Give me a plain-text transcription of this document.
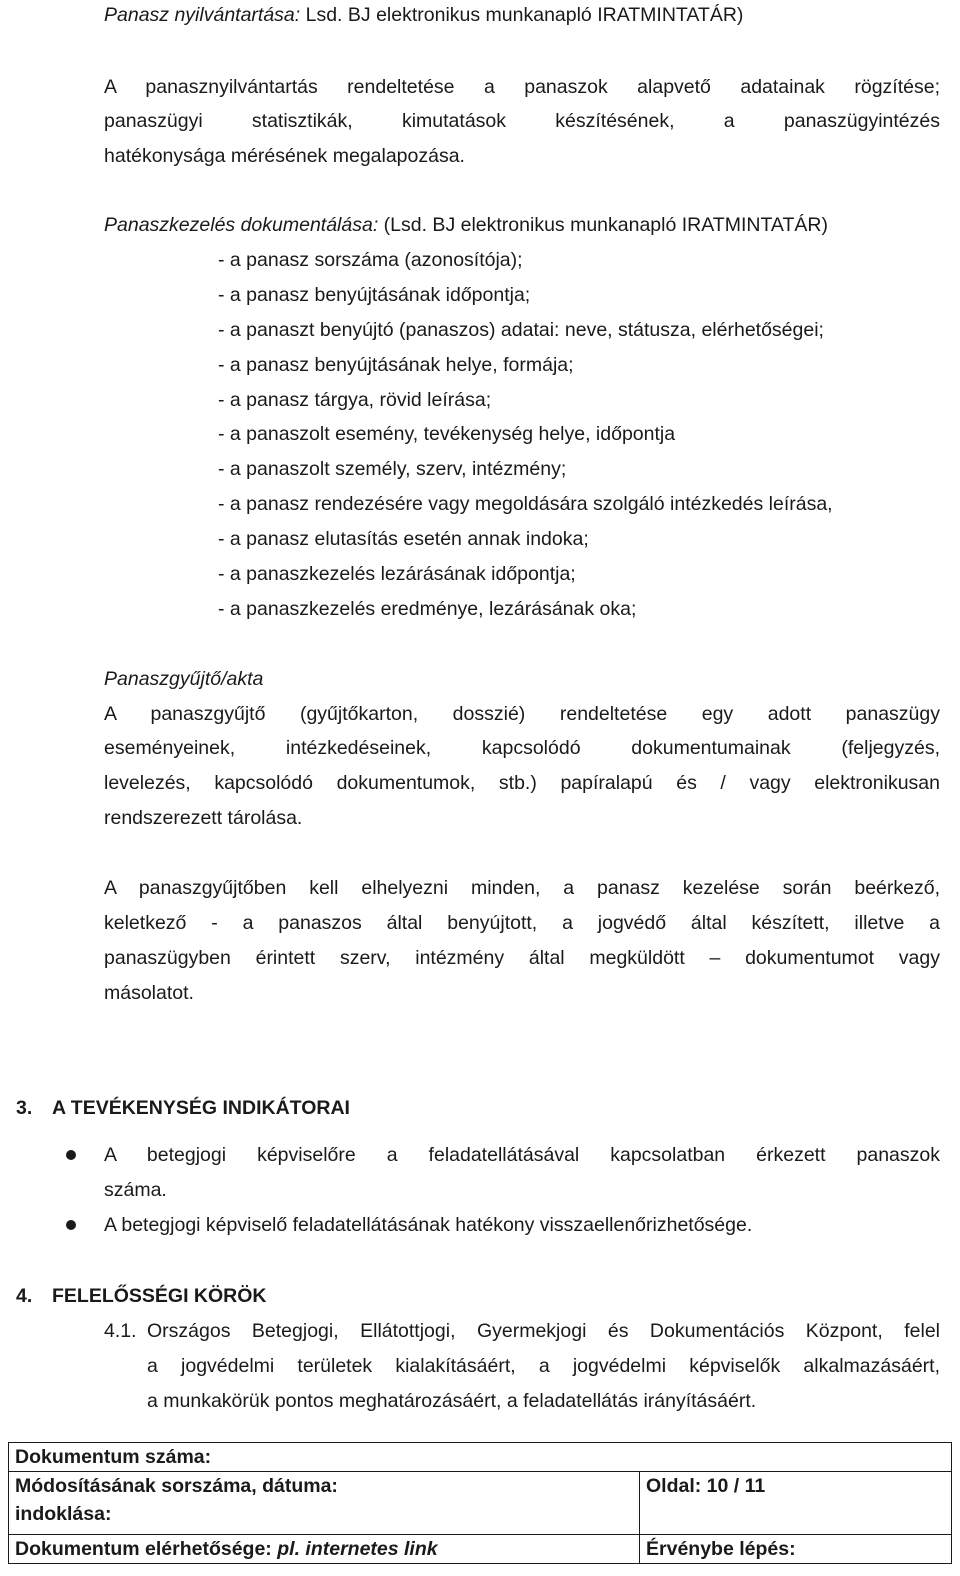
Panasz nyilvántartása: Lsd. BJ elektronikus munkanapló IRATMINTATÁR)
A panasznyilvántartás rendeltetése a panaszok alapvető adatainak rögzítése;
panaszügyi statisztikák, kimutatások készítésének, a panaszügyintézés
hatékonysága mérésének megalapozása.
Panaszkezelés dokumentálása: (Lsd. BJ elektronikus munkanapló IRATMINTATÁR)
- a panasz sorszáma (azonosítója);
- a panasz benyújtásának időpontja;
- a panaszt benyújtó (panaszos) adatai: neve, státusza, elérhetőségei;
- a panasz benyújtásának helye, formája;
- a panasz tárgya, rövid leírása;
- a panaszolt esemény, tevékenység helye, időpontja
- a panaszolt személy, szerv, intézmény;
- a panasz rendezésére vagy megoldására szolgáló intézkedés leírása,
- a panasz elutasítás esetén annak indoka;
- a panaszkezelés lezárásának időpontja;
- a panaszkezelés eredménye, lezárásának oka;
Panaszgyűjtő/akta
A panaszgyűjtő (gyűjtőkarton, dosszié) rendeltetése egy adott panaszügy
eseményeinek, intézkedéseinek, kapcsolódó dokumentumainak (feljegyzés,
levelezés, kapcsolódó dokumentumok, stb.) papíralapú és / vagy elektronikusan
rendszerezett tárolása.
A panaszgyűjtőben kell elhelyezni minden, a panasz kezelése során beérkező,
keletkező - a panaszos által benyújtott, a jogvédő által készített, illetve a
panaszügyben érintett szerv, intézmény által megküldött – dokumentumot vagy
másolatot.
3. A TEVÉKENYSÉG INDIKÁTORAI
A betegjogi képviselőre a feladatellátásával kapcsolatban érkezett panaszok
száma.
A betegjogi képviselő feladatellátásának hatékony visszaellenőrizhetősége.
4. FELELŐSSÉGI KÖRÖK
4.1. Országos Betegjogi, Ellátottjogi, Gyermekjogi és Dokumentációs Központ, felel
a jogvédelmi területek kialakításáért, a jogvédelmi képviselők alkalmazásáért,
a munkakörük pontos meghatározásáért, a feladatellátás irányításáért.
Dokumentum száma:	

Módosításának sorszáma, dátuma:
indoklása:	Oldal: 10 / 11
Dokumentum elérhetősége: pl. internetes link	Érvénybe lépés:
